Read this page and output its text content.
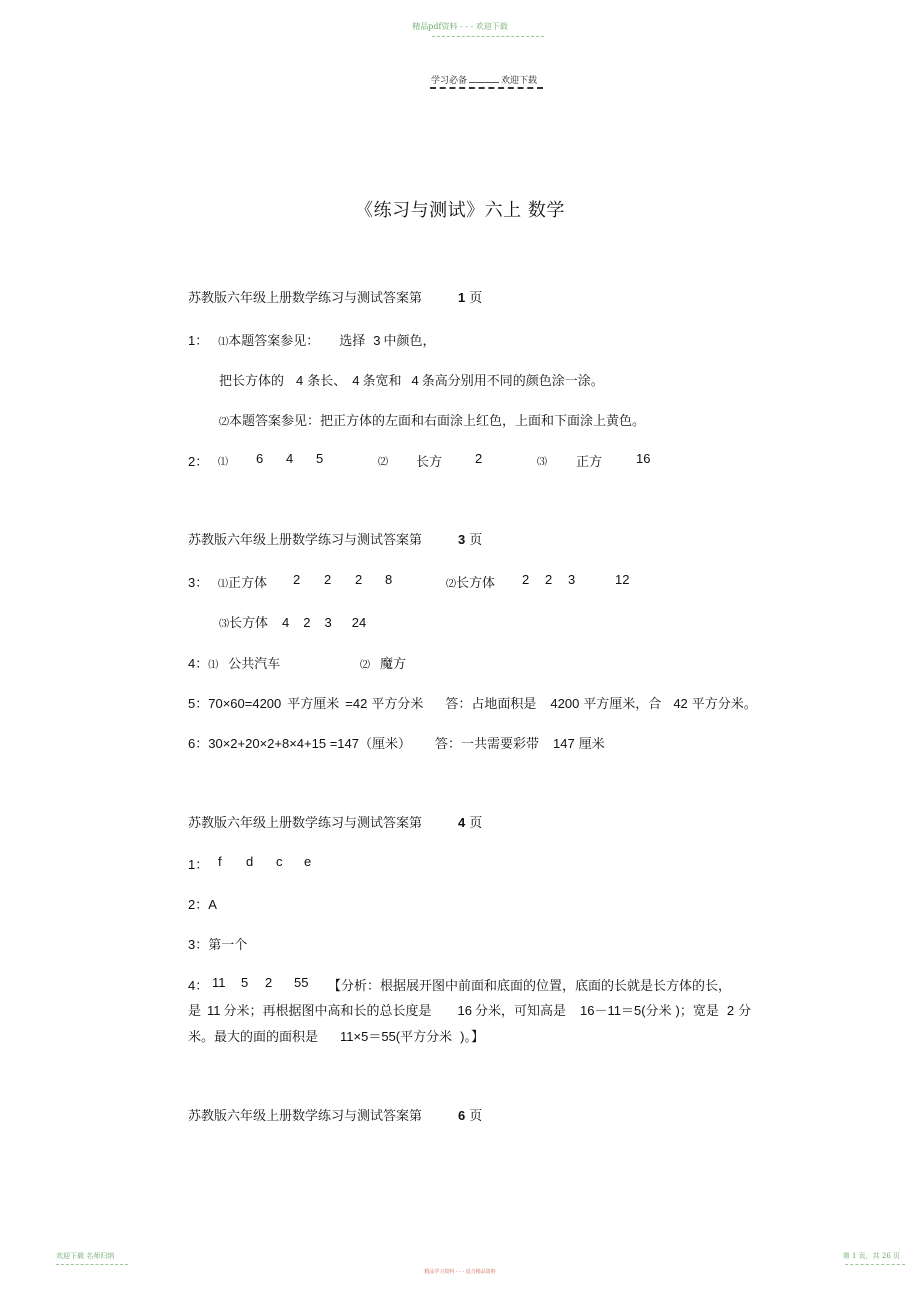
精品pdf资料 - - - 欢迎下载
学习必备	欢迎下载
《练习与测试》六上 数学
苏教版六年级上册数学练习与测试答案第	1 页
1： ⑴本题答案参见： 选择 3 中颜色，
把长方体的 4 条长、 4 条宽和 4 条高分别用不同的颜色涂一涂。
⑵本题答案参见：把正方体的左面和右面涂上红色，上面和下面涂上黄色。
2： ⑴ 6 4 5	⑵ 长方	2	⑶ 正方	16
苏教版六年级上册数学练习与测试答案第	3 页
3： ⑴正方体 2 2 2 8	⑵长方体 2 2 3	12
⑶长方体 4 2 3 24
4：⑴ 公共汽车	⑵ 魔方
5：70×60=4200 平方厘米 =42 平方分米 答：占地面积是 4200 平方厘米，合 42 平方分米。
6：30×2+20×2+8×4+15 =147（厘米） 答：一共需要彩带 147 厘米
苏教版六年级上册数学练习与测试答案第	4 页
1： f d c e
2：A
3：第一个
4： 11 5 2 55 【分析：根据展开图中前面和底面的位置，底面的长就是长方体的长，
是 11 分米；再根据图中高和长的总长度是 16 分米，可知高是 16－11＝5(分米 )；宽是 2 分
米。最大的面的面积是 11×5＝55(平方分米 )。】
苏教版六年级上册数学练习与测试答案第	6 页
欢迎下载 名师归纳	第 1 页，共 26 页
精品学习资料 - - - 适合精品资料
